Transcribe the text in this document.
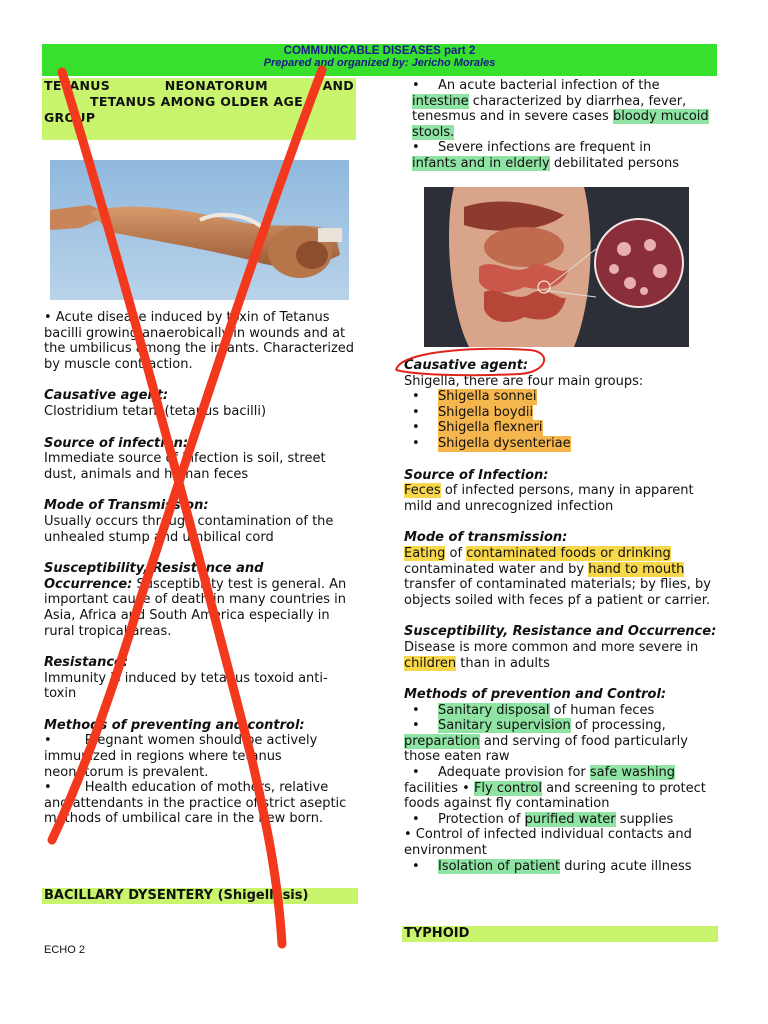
COMMUNICABLE DISEASES part 2
Prepared and organized by: Jericho Morales
TETANUS	NEONATORUM	AND
TETANUS AMONG OLDER AGE
GROUP

• Acute disease induced by toxin of Tetanus bacilli growing anaerobically in wounds and at the umbilicus among the infants. Characterized by muscle contraction.

Causative agent:

Clostridium tetani (tetanus bacilli)

Source of infection:

Immediate source of infection is soil, street dust, animals and human feces

Mode of Transmission:

Usually occurs through contamination of the

unhealed stump and umbilical cord

Susceptibility, Resistance and Occurrence: Susceptibility test is general. An important cause of death in many countries in Asia, Africa and South America especially in rural tropical areas.

Resistance:

Immunity is induced by tetanus toxoid anti-toxin

Methods of preventing and control:

•        Pregnant women should be actively immunized in regions where tetanus neonatorum is prevalent.

•        Health education of mothers, relative and attendants in the practice of strict aseptic methods of umbilical care in the new born.

BACILLARY DYSENTERY (Shigellosis)
•	An acute bacterial infection of the

intestine characterized by diarrhea, fever, tenesmus and in severe cases bloody mucoid stools.

•	Severe infections are frequent in

infants and in elderly debilitated persons

Causative agent:

Shigella, there are four main groups:

•	Shigella sonnei
•	Shigella boydii
•	Shigella flexneri
•	Shigella dysenteriae

Source of Infection:

Feces of infected persons, many in apparent mild and unrecognized infection

Mode of transmission:

Eating of contaminated foods or drinking contaminated water and by hand to mouth transfer of contaminated materials; by flies, by objects soiled with feces pf a patient or carrier.

Susceptibility, Resistance and Occurrence: Disease is more common and more severe in children than in adults

Methods of prevention and Control:

•	Sanitary disposal of human feces
•	Sanitary supervision of processing,

preparation and serving of food particularly those eaten raw

•	Adequate provision for safe washing

facilities • Fly control and screening to protect foods against fly contamination

•	Protection of purified water supplies

• Control of infected individual contacts and environment

•	Isolation of patient during acute illness
TYPHOID
ECHO 2
